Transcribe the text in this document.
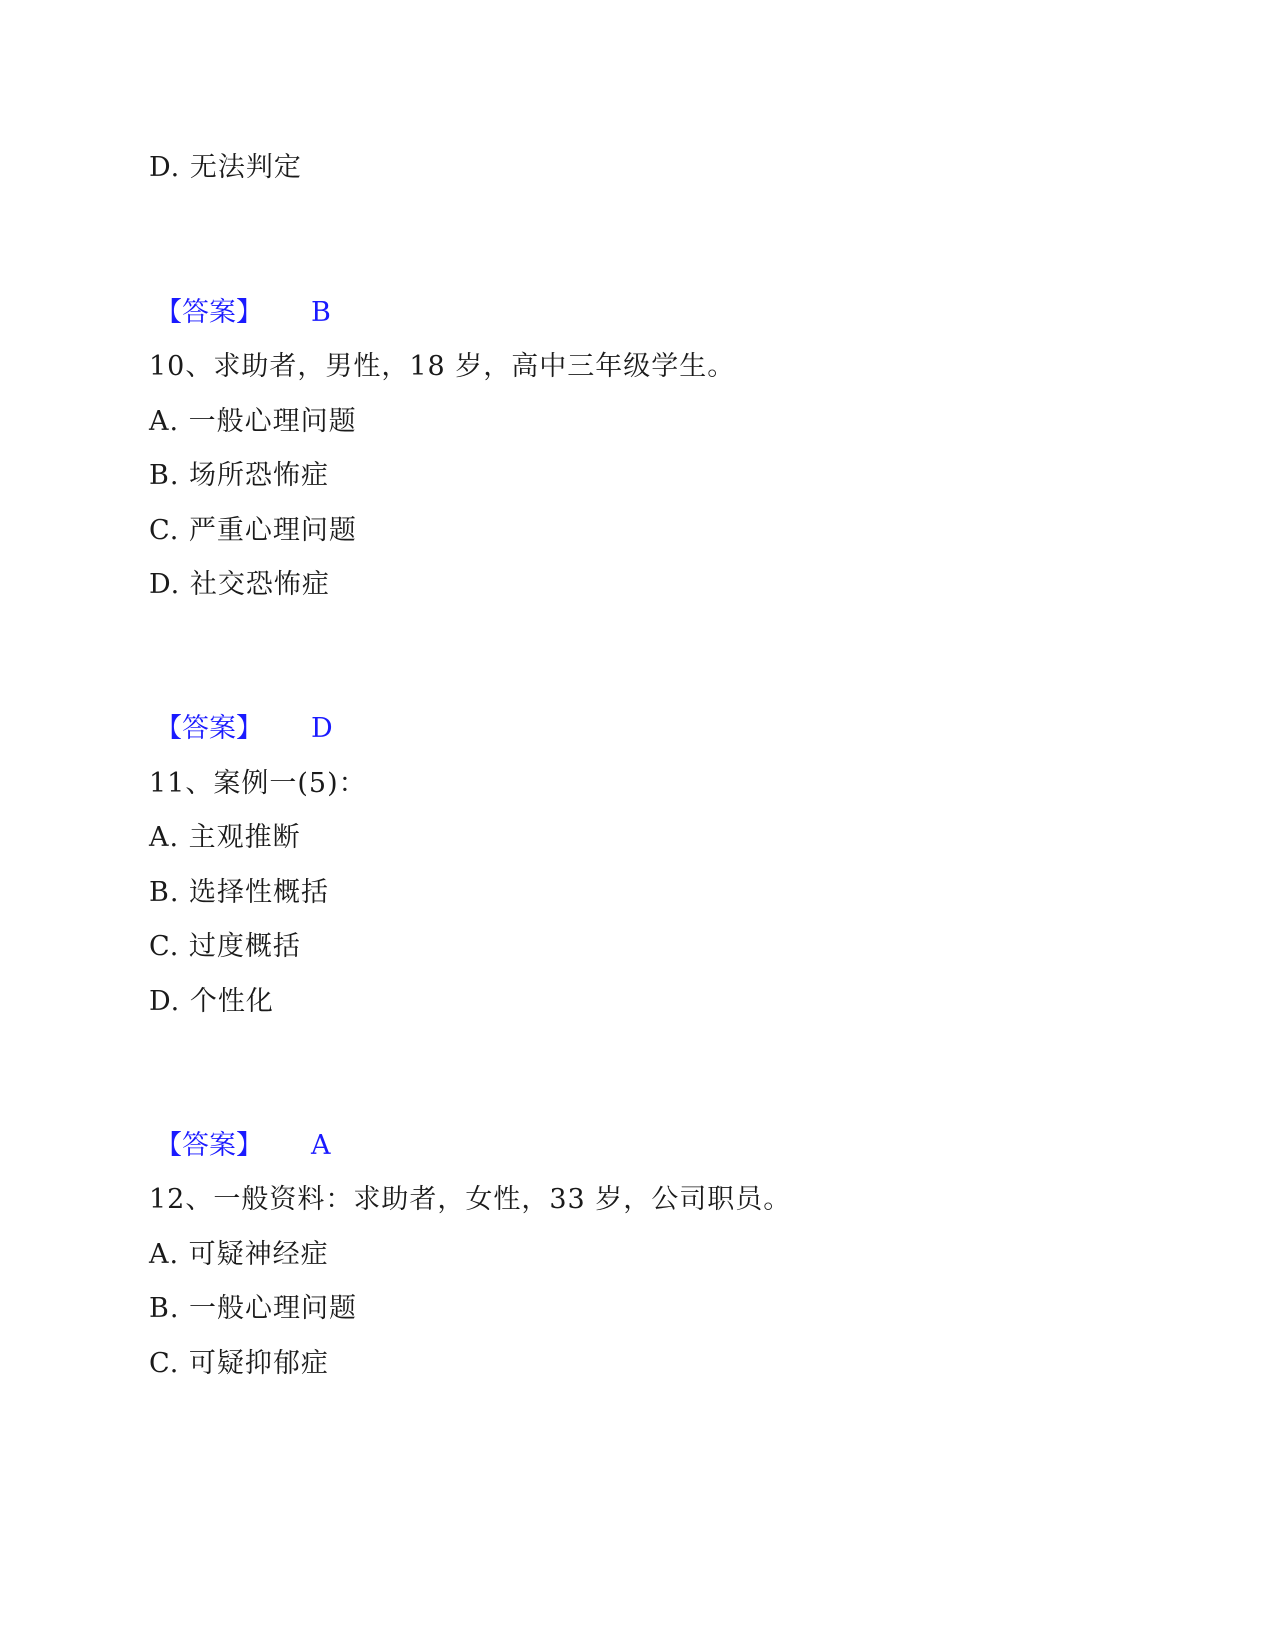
D. 无法判定
【答案】 B
10、求助者，男性，18 岁，高中三年级学生。
A. 一般心理问题
B. 场所恐怖症
C. 严重心理问题
D. 社交恐怖症
【答案】 D
11、案例一(5)：
A. 主观推断
B. 选择性概括
C. 过度概括
D. 个性化
【答案】 A
12、一般资料：求助者，女性，33 岁，公司职员。
A. 可疑神经症
B. 一般心理问题
C. 可疑抑郁症
